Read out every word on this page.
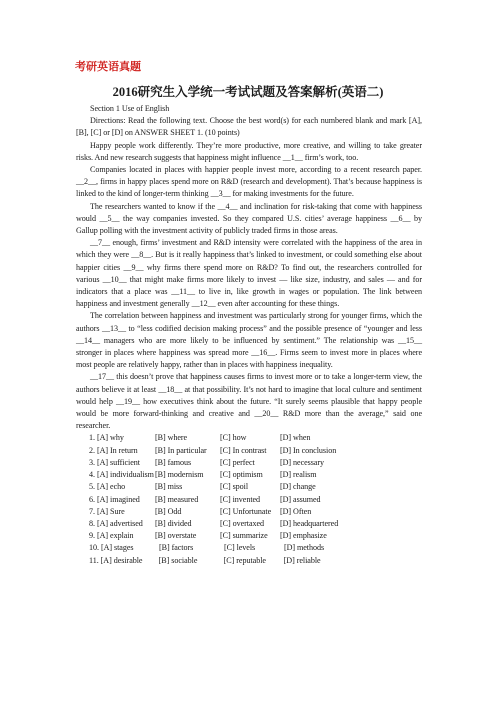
考研英语真题
2016研究生入学统一考试试题及答案解析(英语二)

Section 1 Use of English

Directions: Read the following text. Choose the best word(s) for each numbered blank and mark [A], [B], [C] or [D] on ANSWER SHEET 1. (10 points)

Happy people work differently. They’re more productive, more creative, and willing to take greater risks. And new research suggests that happiness might influence __1__ firm’s work, too.

Companies located in places with happier people invest more, according to a recent research paper. __2__, firms in happy places spend more on R&D (research and development). That’s because happiness is linked to the kind of longer-term thinking __3__ for making investments for the future.

The researchers wanted to know if the __4__ and inclination for risk-taking that come with happiness would __5__ the way companies invested. So they compared U.S. cities’ average happiness __6__ by Gallup polling with the investment activity of publicly traded firms in those areas.

__7__ enough, firms’ investment and R&D intensity were correlated with the happiness of the area in which they were __8__. But is it really happiness that’s linked to investment, or could something else about happier cities __9__ why firms there spend more on R&D? To find out, the researchers controlled for various __10__ that might make firms more likely to invest — like size, industry, and sales — and for indicators that a place was __11__ to live in, like growth in wages or population. The link between happiness and investment generally __12__ even after accounting for these things.

The correlation between happiness and investment was particularly strong for younger firms, which the authors __13__ to “less codified decision making process” and the possible presence of “younger and less __14__ managers who are more likely to be influenced by sentiment.” The relationship was __15__ stronger in places where happiness was spread more __16__. Firms seem to invest more in places where most people are relatively happy, rather than in places with happiness inequality.

__17__ this doesn’t prove that happiness causes firms to invest more or to take a longer-term view, the authors believe it at least __18__ at that possibility. It’s not hard to imagine that local culture and sentiment would help __19__ how executives think about the future. “It surely seems plausible that happy people would be more forward-thinking and creative and __20__ R&D more than the average,” said one researcher.

1. [A] why	[B] where	[C] how	[D] when

2. [A] In return [B] In particular [C] In contrast [D] In conclusion

3. [A] sufficient [B] famous	[C] perfect	[D] necessary

4. [A] individualism[B] modernism [C] optimism [D] realism

5. [A] echo	[B] miss	[C] spoil	[D] change

6. [A] imagined [B] measured	[C] invented [D] assumed

7. [A] Sure	[B] Odd	[C] Unfortunate [D] Often

8. [A] advertised [B] divided	[C] overtaxed [D] headquartered

9. [A] explain	[B] overstate	[C] summarize [D] emphasize

10. [A] stages	[B] factors	[C] levels	[D] methods

11. [A] desirable [B] sociable	[C] reputable [D] reliable
